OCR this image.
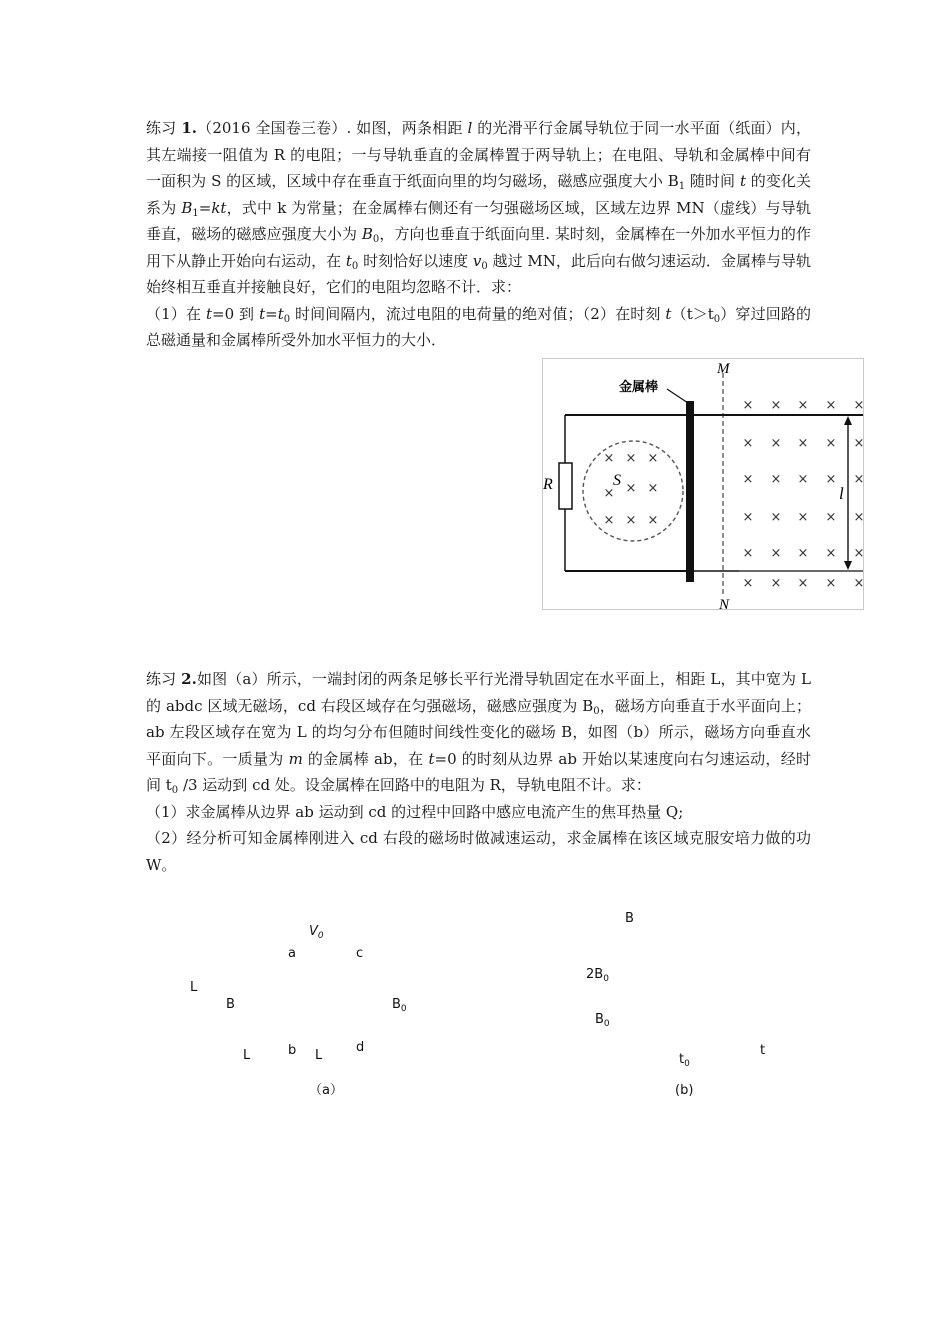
练习 1.（2016 全国卷三卷）. 如图，两条相距 l 的光滑平行金属导轨位于同一水平面（纸面）内，其左端接一阻值为 R 的电阻；一与导轨垂直的金属棒置于两导轨上；在电阻、导轨和金属棒中间有一面积为 S 的区域，区域中存在垂直于纸面向里的均匀磁场，磁感应强度大小 $B_1$ 随时间 t 的变化关系为 $B_1=kt$，式中 k 为常量；在金属棒右侧还有一匀强磁场区域，区域左边界 MN（虚线）与导轨垂直，磁场的磁感应强度大小为 $B_0$，方向也垂直于纸面向里. 某时刻，金属棒在一外加水平恒力的作用下从静止开始向右运动，在 $t_0$ 时刻恰好以速度 $v_0$ 越过 MN，此后向右做匀速运动．金属棒与导轨始终相互垂直并接触良好，它们的电阻均忽略不计．求：

（1）在 t=0 到 $t=t_0$ 时间间隔内，流过电阻的电荷量的绝对值；（2）在时刻 $t(t>t_0)$穿过回路的总磁通量和金属棒所受外加水平恒力的大小．

R	S
× × ×
× × ×
× × ×
金属棒
M
N
× × × ×
× × × ×
× × × ×
× × × ×
× × × ×
× × × ×
×
×
×
×
×
×
l

练习 2.如图（a）所示，一端封闭的两条足够长平行光滑导轨固定在水平面上，相距 L，其中宽为 L 的 abdc 区域无磁场，cd 右段区域存在匀强磁场，磁感应强度为 $B_0$，磁场方向垂直于水平面向上；ab 左段区域存在宽为 L 的均匀分布但随时间线性变化的磁场 B，如图（b）所示，磁场方向垂直水平面向下。一质量为 m 的金属棒 ab，在 t=0 的时刻从边界 ab 开始以某速度向右匀速运动，经时间 $t_0$ /3 运动到 cd 处。设金属棒在回路中的电阻为 R，导轨电阻不计。求：

（1）求金属棒从边界 ab 运动到 cd 的过程中回路中感应电流产生的焦耳热量 Q;

（2）经分析可知金属棒刚进入 cd 右段的磁场时做减速运动，求金属棒在该区域克服安培力做的功 W。

$V_0$
a	c
L
B	$B_0$
L	b L
d
（a）
B
$2B_0$
$B_0$
t
$t_0$
(b)
